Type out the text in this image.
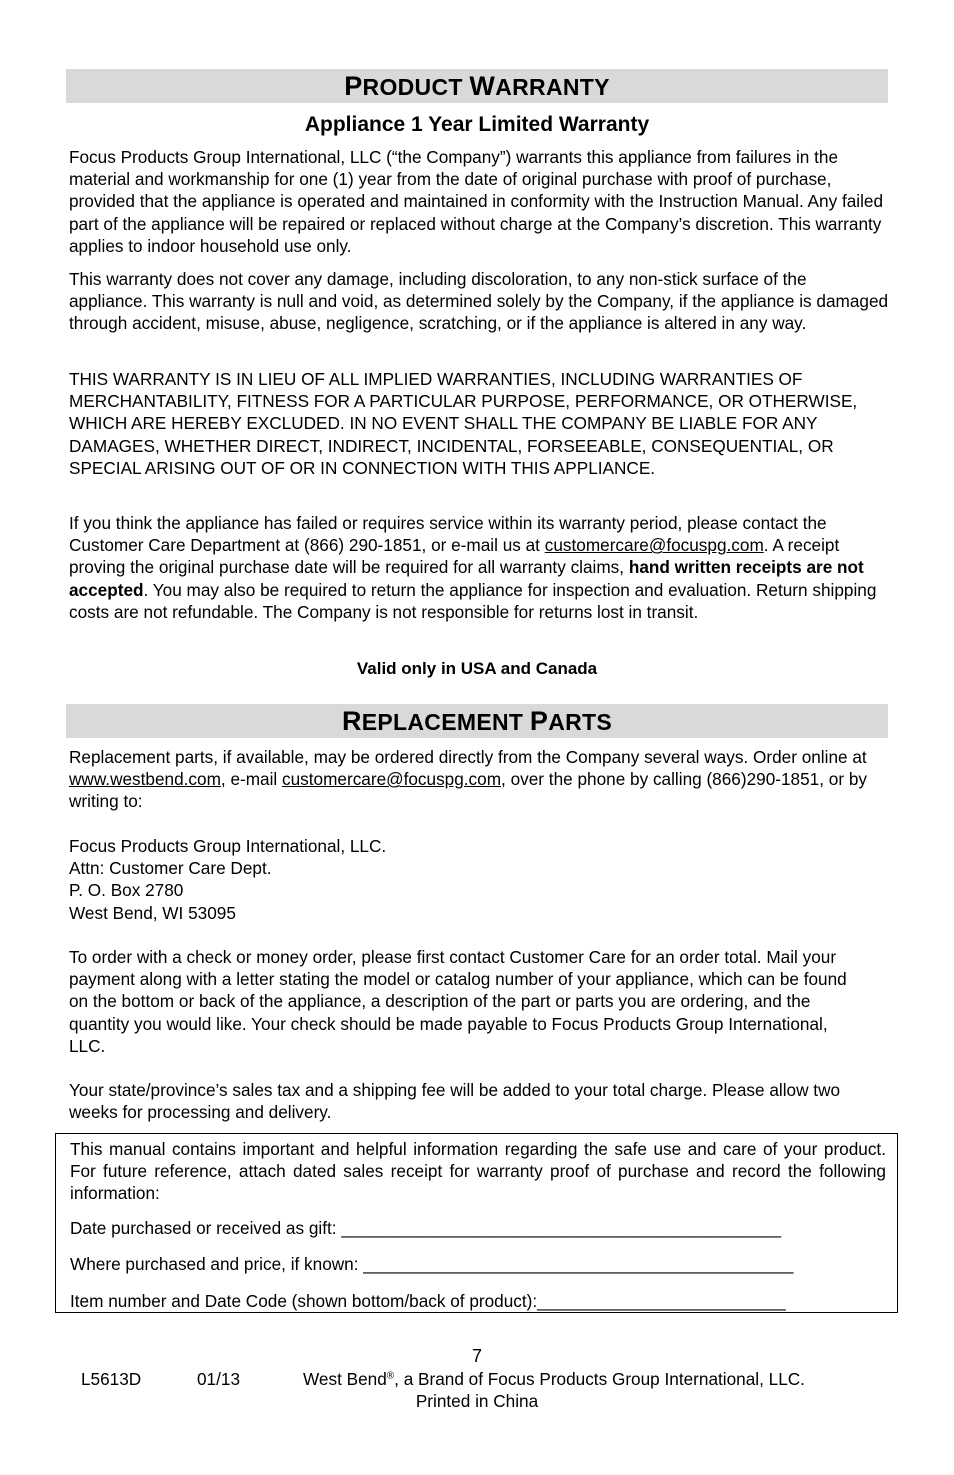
PRODUCT WARRANTY
Appliance 1 Year Limited Warranty

Focus Products Group International, LLC (“the Company”) warrants this appliance from failures in the material and workmanship for one (1) year from the date of original purchase with proof of purchase, provided that the appliance is operated and maintained in conformity with the Instruction Manual. Any failed part of the appliance will be repaired or replaced without charge at the Company’s discretion. This warranty applies to indoor household use only.

This warranty does not cover any damage, including discoloration, to any non-stick surface of the appliance. This warranty is null and void, as determined solely by the Company, if the appliance is damaged through accident, misuse, abuse, negligence, scratching, or if the appliance is altered in any way.

THIS WARRANTY IS IN LIEU OF ALL IMPLIED WARRANTIES, INCLUDING WARRANTIES OF MERCHANTABILITY, FITNESS FOR A PARTICULAR PURPOSE, PERFORMANCE, OR OTHERWISE, WHICH ARE HEREBY EXCLUDED. IN NO EVENT SHALL THE COMPANY BE LIABLE FOR ANY DAMAGES, WHETHER DIRECT, INDIRECT, INCIDENTAL, FORSEEABLE, CONSEQUENTIAL, OR SPECIAL ARISING OUT OF OR IN CONNECTION WITH THIS APPLIANCE.

If you think the appliance has failed or requires service within its warranty period, please contact the Customer Care Department at (866) 290-1851, or e-mail us at customercare@focuspg.com. A receipt proving the original purchase date will be required for all warranty claims, hand written receipts are not accepted. You may also be required to return the appliance for inspection and evaluation. Return shipping costs are not refundable. The Company is not responsible for returns lost in transit.

Valid only in USA and Canada
REPLACEMENT PARTS

Replacement parts, if available, may be ordered directly from the Company several ways. Order online at www.westbend.com, e-mail customercare@focuspg.com, over the phone by calling (866)290-1851, or by writing to:

Focus Products Group International, LLC.
Attn: Customer Care Dept.
P. O. Box 2780
West Bend, WI 53095

To order with a check or money order, please first contact Customer Care for an order total. Mail your payment along with a letter stating the model or catalog number of your appliance, which can be found on the bottom or back of the appliance, a description of the part or parts you are ordering, and the quantity you would like. Your check should be made payable to Focus Products Group International, LLC.

Your state/province’s sales tax and a shipping fee will be added to your total charge. Please allow two weeks for processing and delivery.

This manual contains important and helpful information regarding the safe use and care of your product. For future reference, attach dated sales receipt for warranty proof of purchase and record the following information:

Date purchased or received as gift: ______________________________________________
Where purchased and price, if known: _____________________________________________
Item number and Date Code (shown bottom/back of product):__________________________
7
L5613D	01/13	West Bend®, a Brand of Focus Products Group International, LLC.
Printed in China
